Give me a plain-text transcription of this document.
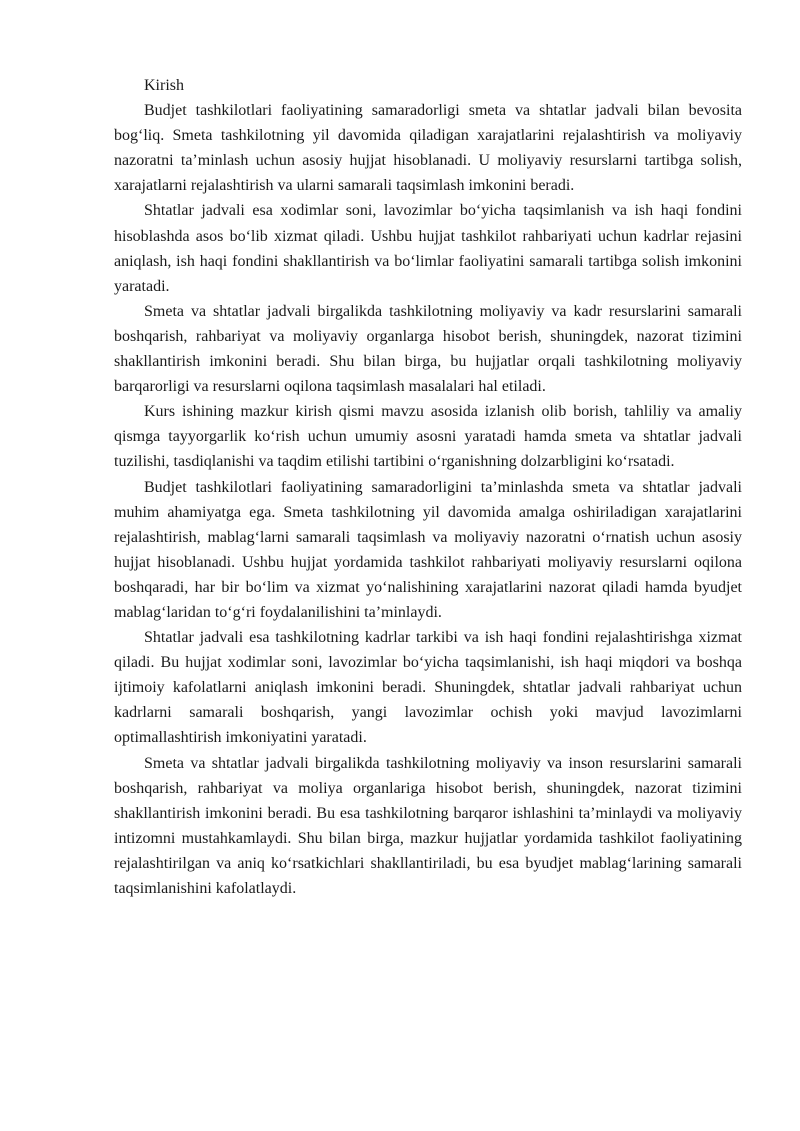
Kirish

Budjet tashkilotlari faoliyatining samaradorligi smeta va shtatlar jadvali bilan bevosita bog‘liq. Smeta tashkilotning yil davomida qiladigan xarajatlarini rejalashtirish va moliyaviy nazoratni ta’minlash uchun asosiy hujjat hisoblanadi. U moliyaviy resurslarni tartibga solish, xarajatlarni rejalashtirish va ularni samarali taqsimlash imkonini beradi.

Shtatlar jadvali esa xodimlar soni, lavozimlar bo‘yicha taqsimlanish va ish haqi fondini hisoblashda asos bo‘lib xizmat qiladi. Ushbu hujjat tashkilot rahbariyati uchun kadrlar rejasini aniqlash, ish haqi fondini shakllantirish va bo‘limlar faoliyatini samarali tartibga solish imkonini yaratadi.

Smeta va shtatlar jadvali birgalikda tashkilotning moliyaviy va kadr resurslarini samarali boshqarish, rahbariyat va moliyaviy organlarga hisobot berish, shuningdek, nazorat tizimini shakllantirish imkonini beradi. Shu bilan birga, bu hujjatlar orqali tashkilotning moliyaviy barqarorligi va resurslarni oqilona taqsimlash masalalari hal etiladi.

Kurs ishining mazkur kirish qismi mavzu asosida izlanish olib borish, tahliliy va amaliy qismga tayyorgarlik ko‘rish uchun umumiy asosni yaratadi hamda smeta va shtatlar jadvali tuzilishi, tasdiqlanishi va taqdim etilishi tartibini o‘rganishning dolzarbligini ko‘rsatadi.

Budjet tashkilotlari faoliyatining samaradorligini ta’minlashda smeta va shtatlar jadvali muhim ahamiyatga ega. Smeta tashkilotning yil davomida amalga oshiriladigan xarajatlarini rejalashtirish, mablag‘larni samarali taqsimlash va moliyaviy nazoratni o‘rnatish uchun asosiy hujjat hisoblanadi. Ushbu hujjat yordamida tashkilot rahbariyati moliyaviy resurslarni oqilona boshqaradi, har bir bo‘lim va xizmat yo‘nalishining xarajatlarini nazorat qiladi hamda byudjet mablag‘laridan to‘g‘ri foydalanilishini ta’minlaydi.

Shtatlar jadvali esa tashkilotning kadrlar tarkibi va ish haqi fondini rejalashtirishga xizmat qiladi. Bu hujjat xodimlar soni, lavozimlar bo‘yicha taqsimlanishi, ish haqi miqdori va boshqa ijtimoiy kafolatlarni aniqlash imkonini beradi. Shuningdek, shtatlar jadvali rahbariyat uchun kadrlarni samarali boshqarish, yangi lavozimlar ochish yoki mavjud lavozimlarni optimallashtirish imkoniyatini yaratadi.

Smeta va shtatlar jadvali birgalikda tashkilotning moliyaviy va inson resurslarini samarali boshqarish, rahbariyat va moliya organlariga hisobot berish, shuningdek, nazorat tizimini shakllantirish imkonini beradi. Bu esa tashkilotning barqaror ishlashini ta’minlaydi va moliyaviy intizomni mustahkamlaydi. Shu bilan birga, mazkur hujjatlar yordamida tashkilot faoliyatining rejalashtirilgan va aniq ko‘rsatkichlari shakllantiriladi, bu esa byudjet mablag‘larining samarali taqsimlanishini kafolatlaydi.
